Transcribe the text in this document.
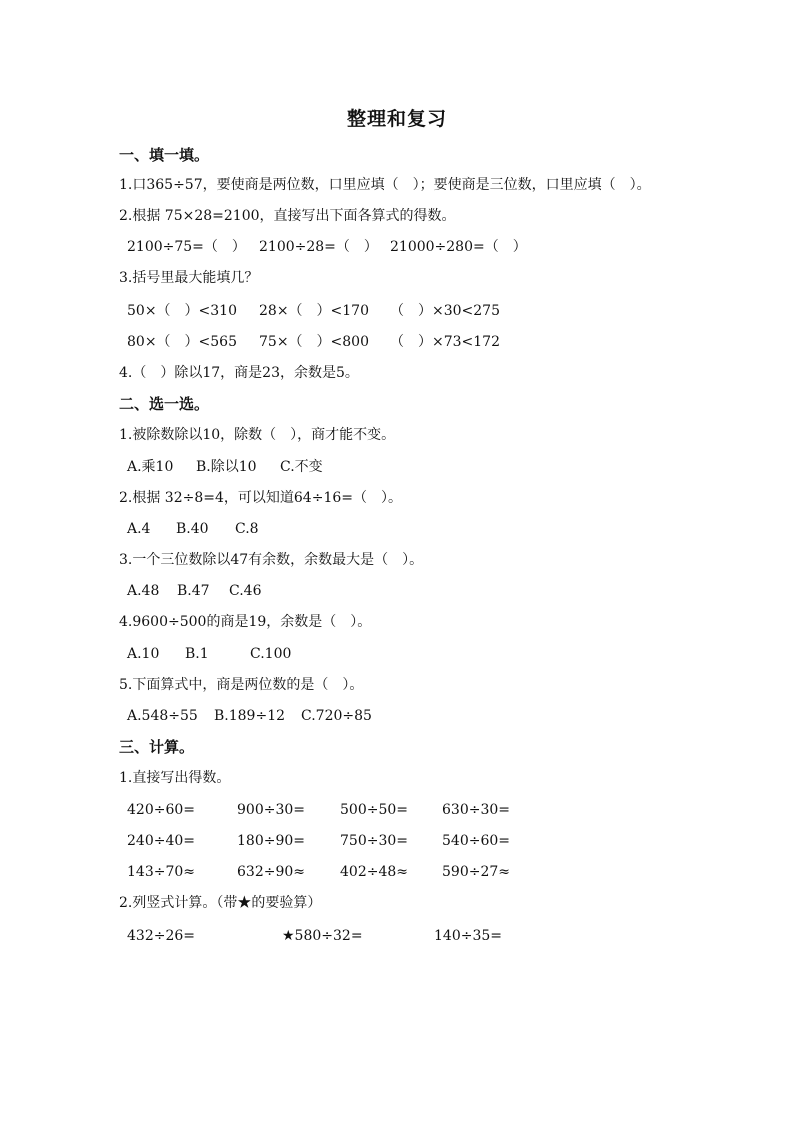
整理和复习
一、填一填。
1.口365÷57，要使商是两位数，口里应填（　）；要使商是三位数，口里应填（　）。
2.根据 75×28=2100，直接写出下面各算式的得数。
2100÷75=（　） 2100÷28=（　） 21000÷280=（　）
3.括号里最大能填几？
50×（　）<310 28×（　）<170 （　）×30<275
80×（　）<565 75×（　）<800 （　）×73<172
4.（　）除以17，商是23，余数是5。
二、选一选。
1.被除数除以10，除数（　），商才能不变。
A.乘10 B.除以10 C.不变
2.根据 32÷8=4，可以知道64÷16=（　）。
A.4 B.40 C.8
3.一个三位数除以47有余数，余数最大是（　）。
A.48 B.47 C.46
4.9600÷500的商是19，余数是（　）。
A.10 B.1	C.100
5.下面算式中，商是两位数的是（　）。
A.548÷55 B.189÷12 C.720÷85
三、计算。
1.直接写出得数。
420÷60=	900÷30=	500÷50= 630÷30=
240÷40=	180÷90=	750÷30= 540÷60=
143÷70≈	632÷90≈	402÷48≈ 590÷27≈
2.列竖式计算。（带★的要验算）
432÷26=	★580÷32=	140÷35=
